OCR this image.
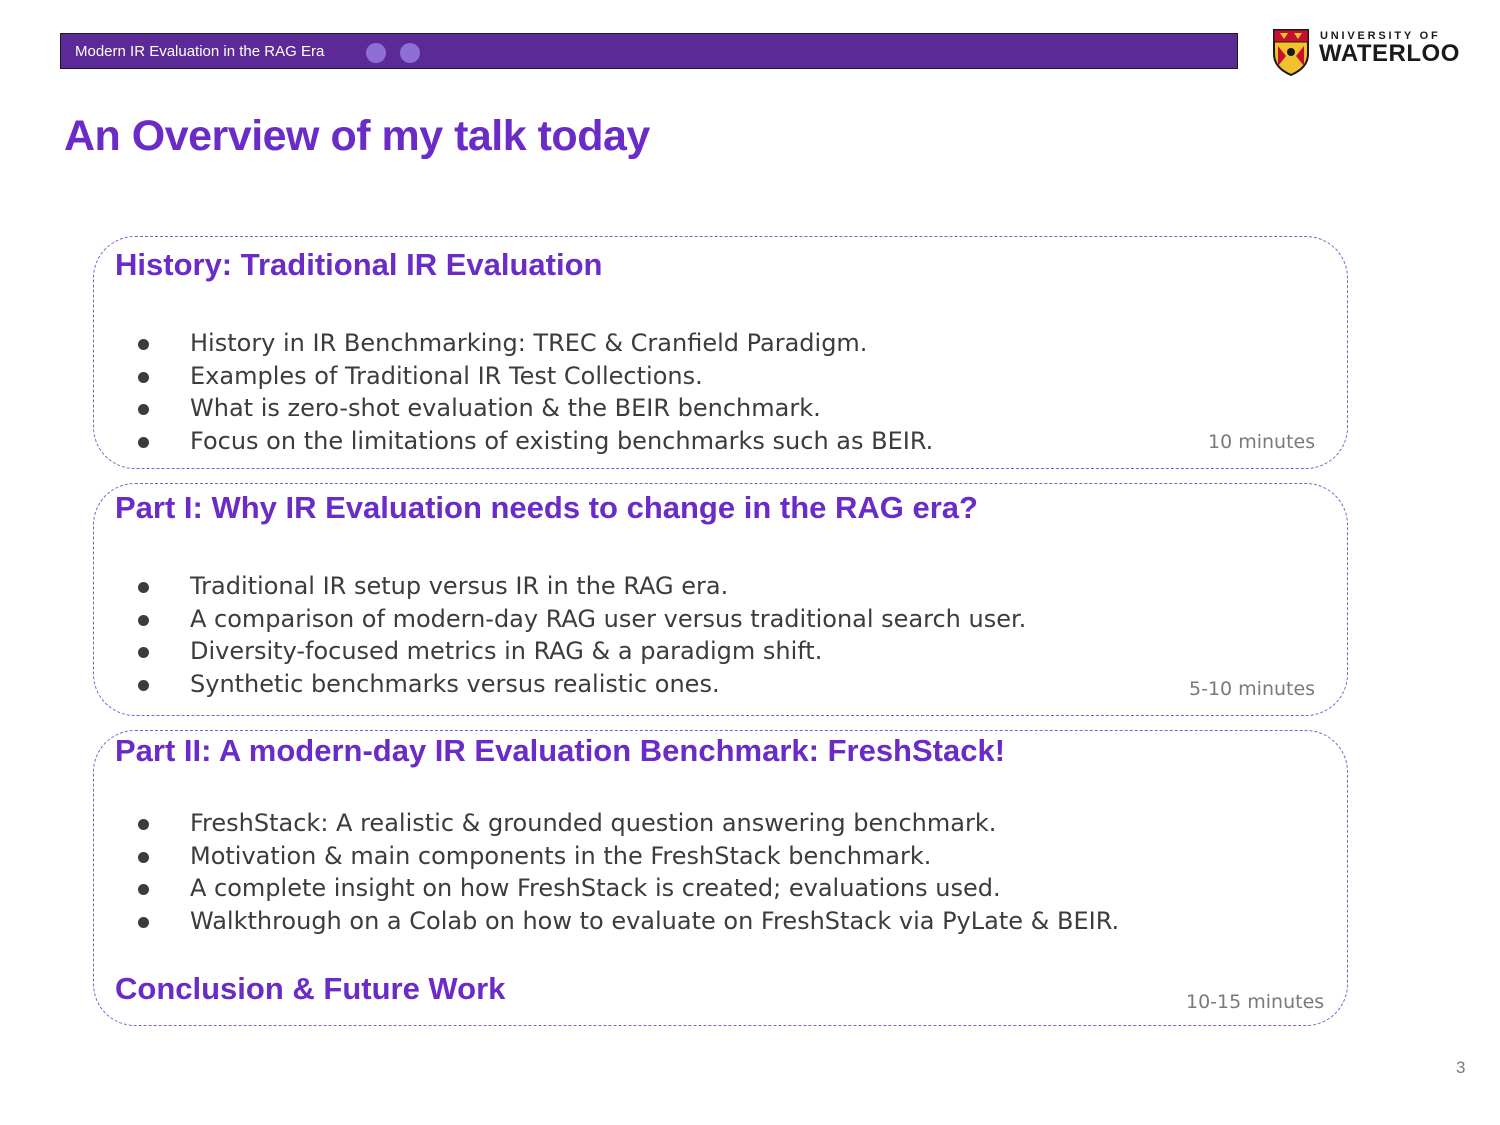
Modern IR Evaluation in the RAG Era
UNIVERSITY OF
WATERLOO
An Overview of my talk today
History: Traditional IR Evaluation
History in IR Benchmarking: TREC & Cranfield Paradigm.
Examples of Traditional IR Test Collections.
What is zero-shot evaluation & the BEIR benchmark.
Focus on the limitations of existing benchmarks such as BEIR.	10 minutes
Part I: Why IR Evaluation needs to change in the RAG era?
Traditional IR setup versus IR in the RAG era.
A comparison of modern-day RAG user versus traditional search user.
Diversity-focused metrics in RAG & a paradigm shift.
Synthetic benchmarks versus realistic ones.	5-10 minutes
Part II: A modern-day IR Evaluation Benchmark: FreshStack!
FreshStack: A realistic & grounded question answering benchmark.
Motivation & main components in the FreshStack benchmark.
A complete insight on how FreshStack is created; evaluations used.
Walkthrough on a Colab on how to evaluate on FreshStack via PyLate & BEIR.
Conclusion & Future Work	10-15 minutes
3
